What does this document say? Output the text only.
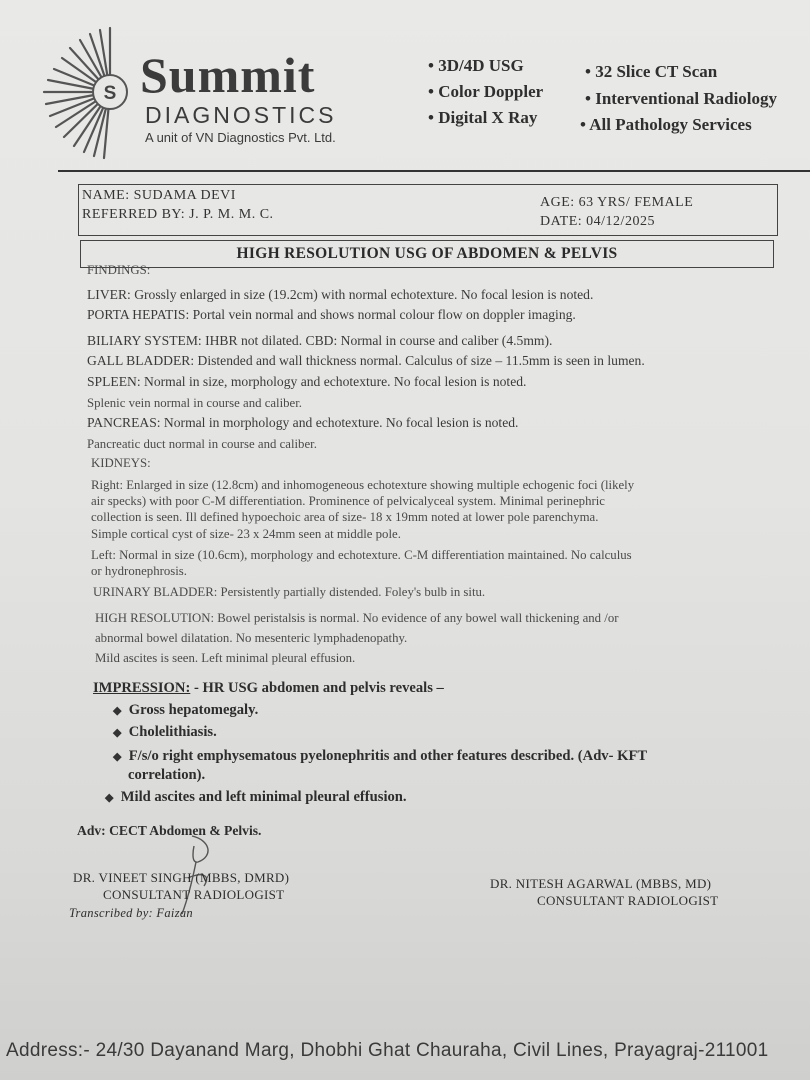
S Summit
DIAGNOSTICS
A unit of VN Diagnostics Pvt. Ltd.
• 3D/4D USG
• Color Doppler
• Digital X Ray
• 32 Slice CT Scan
• Interventional Radiology
• All Pathology Services
NAME: SUDAMA DEVI
REFERRED BY: J. P. M. M. C.
AGE: 63 YRS/ FEMALE
DATE: 04/12/2025
HIGH RESOLUTION USG OF ABDOMEN & PELVIS
FINDINGS:
LIVER: Grossly enlarged in size (19.2cm) with normal echotexture. No focal lesion is noted.
PORTA HEPATIS: Portal vein normal and shows normal colour flow on doppler imaging.
BILIARY SYSTEM: IHBR not dilated. CBD: Normal in course and caliber (4.5mm).
GALL BLADDER: Distended and wall thickness normal. Calculus of size – 11.5mm is seen in lumen.
SPLEEN: Normal in size, morphology and echotexture. No focal lesion is noted.
Splenic vein normal in course and caliber.
PANCREAS: Normal in morphology and echotexture. No focal lesion is noted.
Pancreatic duct normal in course and caliber.
KIDNEYS:
Right: Enlarged in size (12.8cm) and inhomogeneous echotexture showing multiple echogenic foci (likely
air specks) with poor C-M differentiation. Prominence of pelvicalyceal system. Minimal perinephric
collection is seen. Ill defined hypoechoic area of size- 18 x 19mm noted at lower pole parenchyma.
Simple cortical cyst of size- 23 x 24mm seen at middle pole.
Left: Normal in size (10.6cm), morphology and echotexture. C-M differentiation maintained. No calculus
or hydronephrosis.
URINARY BLADDER: Persistently partially distended. Foley's bulb in situ.
HIGH RESOLUTION: Bowel peristalsis is normal. No evidence of any bowel wall thickening and /or
abnormal bowel dilatation. No mesenteric lymphadenopathy.
Mild ascites is seen. Left minimal pleural effusion.
IMPRESSION: - HR USG abdomen and pelvis reveals –
◆ Gross hepatomegaly.
◆ Cholelithiasis.
◆ F/s/o right emphysematous pyelonephritis and other features described. (Adv- KFT
correlation).
◆ Mild ascites and left minimal pleural effusion.
Adv: CECT Abdomen & Pelvis.
DR. VINEET SINGH (MBBS, DMRD)
CONSULTANT RADIOLOGIST
Transcribed by: Faizan
DR. NITESH AGARWAL (MBBS, MD)
CONSULTANT RADIOLOGIST
Address:- 24/30 Dayanand Marg, Dhobhi Ghat Chauraha, Civil Lines, Prayagraj-211001
